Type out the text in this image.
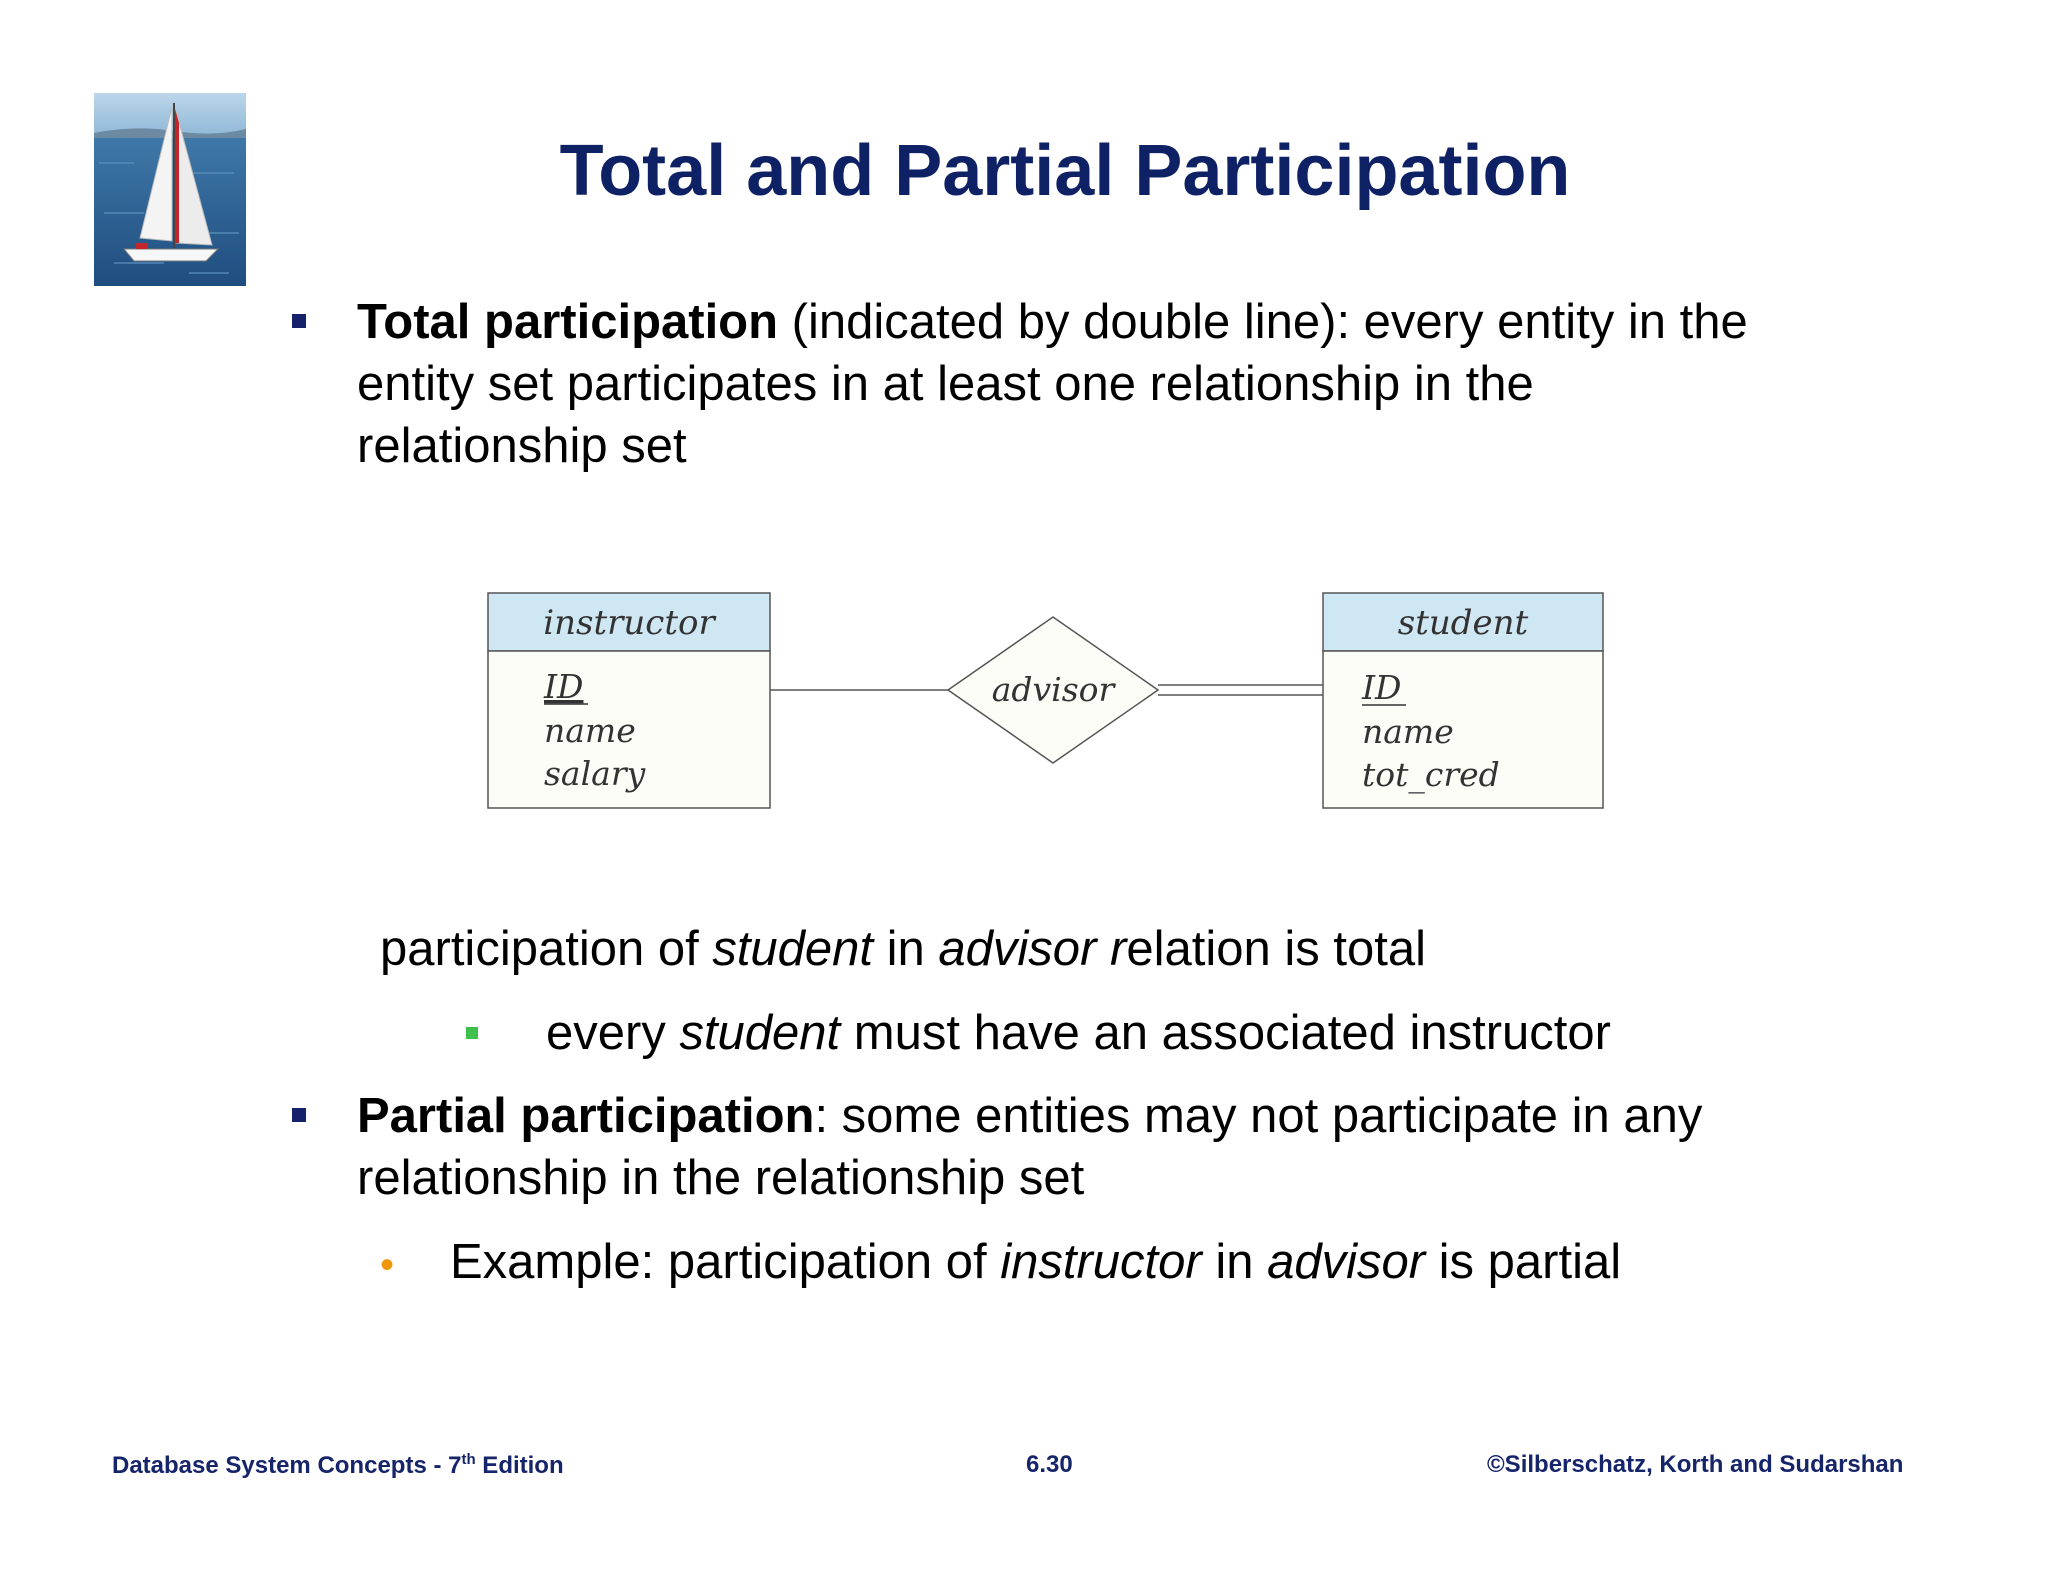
Total and Partial Participation
Total participation (indicated by double line): every entity in the entity set participates in at least one relationship in the relationship set
instructor
ID
name
salary
advisor
student
ID
name
tot_cred
participation of student in advisor relation is total
every student must have an associated instructor
Partial participation: some entities may not participate in any relationship in the relationship set
• Example: participation of instructor in advisor is partial
Database System Concepts - 7th Edition	6.30	©Silberschatz, Korth and Sudarshan
